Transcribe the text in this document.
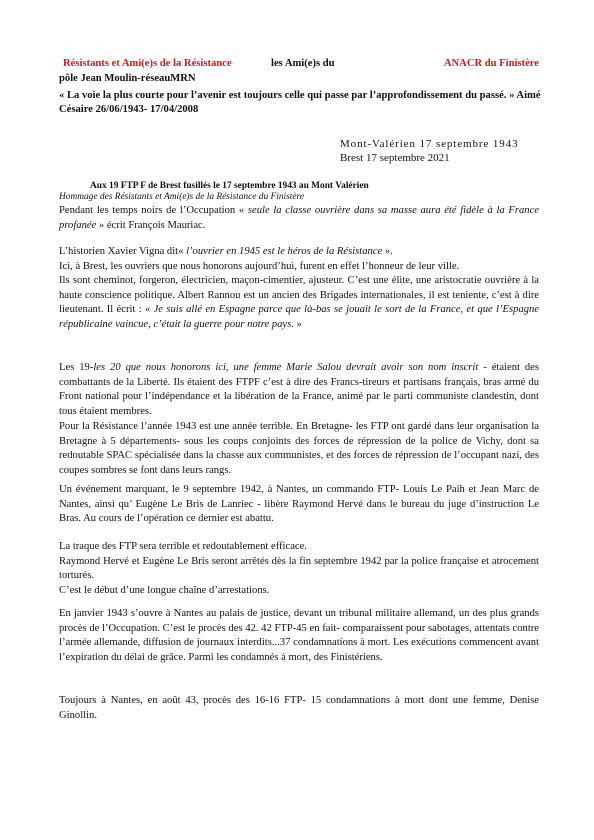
Résistants et Ami(e)s de la Résistance	les Ami(e)s du	ANACR du Finistère
pôle Jean Moulin-réseauMRN
« La voie la plus courte pour l’avenir est toujours celle qui passe par l’approfondissement du passé. » Aimé Césaire 26/06/1943- 17/04/2008
Mont-Valérien 17 septembre 1943
Brest 17 septembre 2021
Aux 19 FTP F de Brest fusillés le 17 septembre 1943 au Mont Valérien
Hommage des Résistants et Ami(e)s de la Résistance du Finistère

Pendant les temps noirs de l’Occupation « seule la classe ouvrière dans sa masse aura été fidèle à la France profanée » écrit François Mauriac.

L’historien Xavier Vigna dit« l’ouvrier en 1945 est le héros de la Résistance ».

Ici, à Brest, les ouvriers que nous honorons aujourd’hui, furent en effet l’honneur de leur ville.

Ils sont cheminot, forgeron, électricien, maçon-cimentier, ajusteur. C’est une élite, une aristocratie ouvrière à la haute conscience politique. Albert Rannou est un ancien des Brigades internationales, il est teniente, c’est à dire lieutenant. Il écrit : « Je suis allé en Espagne parce que là-bas se jouait le sort de la France, et que l’Espagne républicaine vaincue, c’était la guerre pour notre pays. »

Les 19-les 20 que nous honorons ici, une femme Marie Salou devrait avoir son nom inscrit - étaient des combattants de la Liberté. Ils étaient des FTPF c’est à dire des Francs-tireurs et partisans français, bras armé du Front national pour l’indépendance et la libération de la France, animé par le parti communiste clandestin, dont tous étaient membres.

Pour la Résistance l’année 1943 est une année terrible. En Bretagne- les FTP ont gardé dans leur organisation la Bretagne à 5 départements- sous les coups conjoints des forces de répression de la police de Vichy, dont sa redoutable SPAC spécialisée dans la chasse aux communistes, et des forces de répression de l’occupant nazi, des coupes sombres se font dans leurs rangs.

Un événement marquant, le 9 septembre 1942, à Nantes, un commando FTP- Louis Le Paih et Jean Marc de Nantes, ainsi qu’ Eugène Le Bris de Lanriec - libère Raymond Hervé dans le bureau du juge d’instruction Le Bras. Au cours de l’opération ce dernier est abattu.

La traque des FTP sera terrible et redoutablement efficace.

Raymond Hervé et Eugène Le Bris seront arrêtés dès la fin septembre 1942 par la police française et atrocement torturés.

C’est le début d’une longue chaîne d’arrestations.

En janvier 1943 s’ouvre à Nantes au palais de justice, devant un tribunal militaire allemand, un des plus grands procès de l’Occupation. C’est le procès des 42. 42 FTP-45 en fait- comparaissent pour sabotages, attentats contre l’armée allemande, diffusion de journaux interdits...37 condamnations à mort. Les exécutions commencent avant l’expiration du délai de grâce. Parmi les condamnés à mort, des Finistériens.

Toujours à Nantes, en août 43, procès des 16-16 FTP- 15 condamnations à mort dont une femme, Denise Ginollin.
